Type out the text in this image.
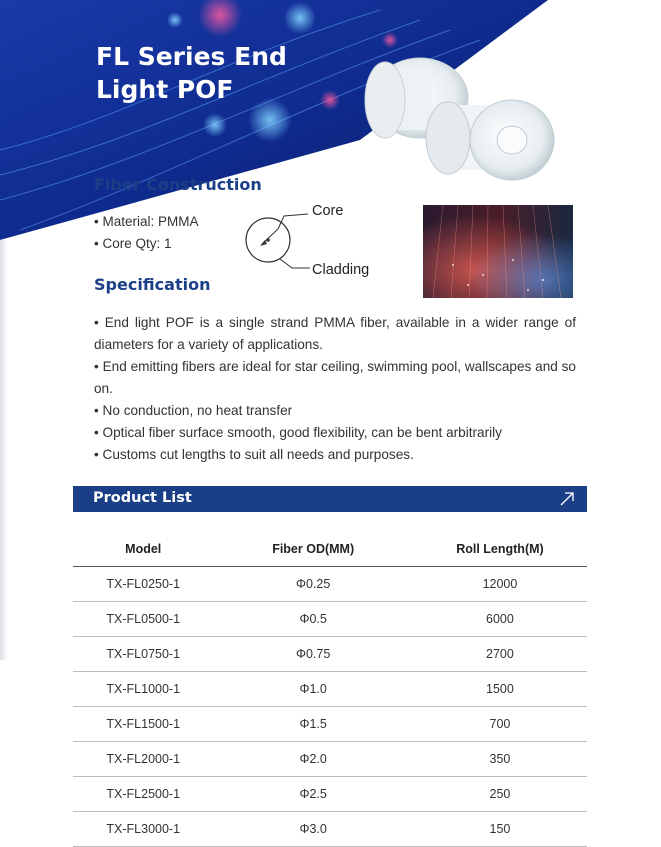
FL Series End
Light POF
Fiber Construction
• Material: PMMA
• Core Qty: 1
Core
Cladding
Specification

• End light POF is a single strand PMMA fiber, available in a wider range of diameters for a variety of applications.

• End emitting fibers are ideal for star ceiling, swimming pool, wallscapes and so on.

• No conduction, no heat transfer

• Optical fiber surface smooth, good flexibility, can be bent arbitrarily

• Customs cut lengths to suit all needs and purposes.

Product List
Model	Fiber OD(MM)	Roll Length(M)
TX-FL0250-1	Φ0.25	12000
TX-FL0500-1	Φ0.5	6000
TX-FL0750-1	Φ0.75	2700
TX-FL1000-1	Φ1.0	1500
TX-FL1500-1	Φ1.5	700
TX-FL2000-1	Φ2.0	350
TX-FL2500-1	Φ2.5	250
TX-FL3000-1	Φ3.0	150
